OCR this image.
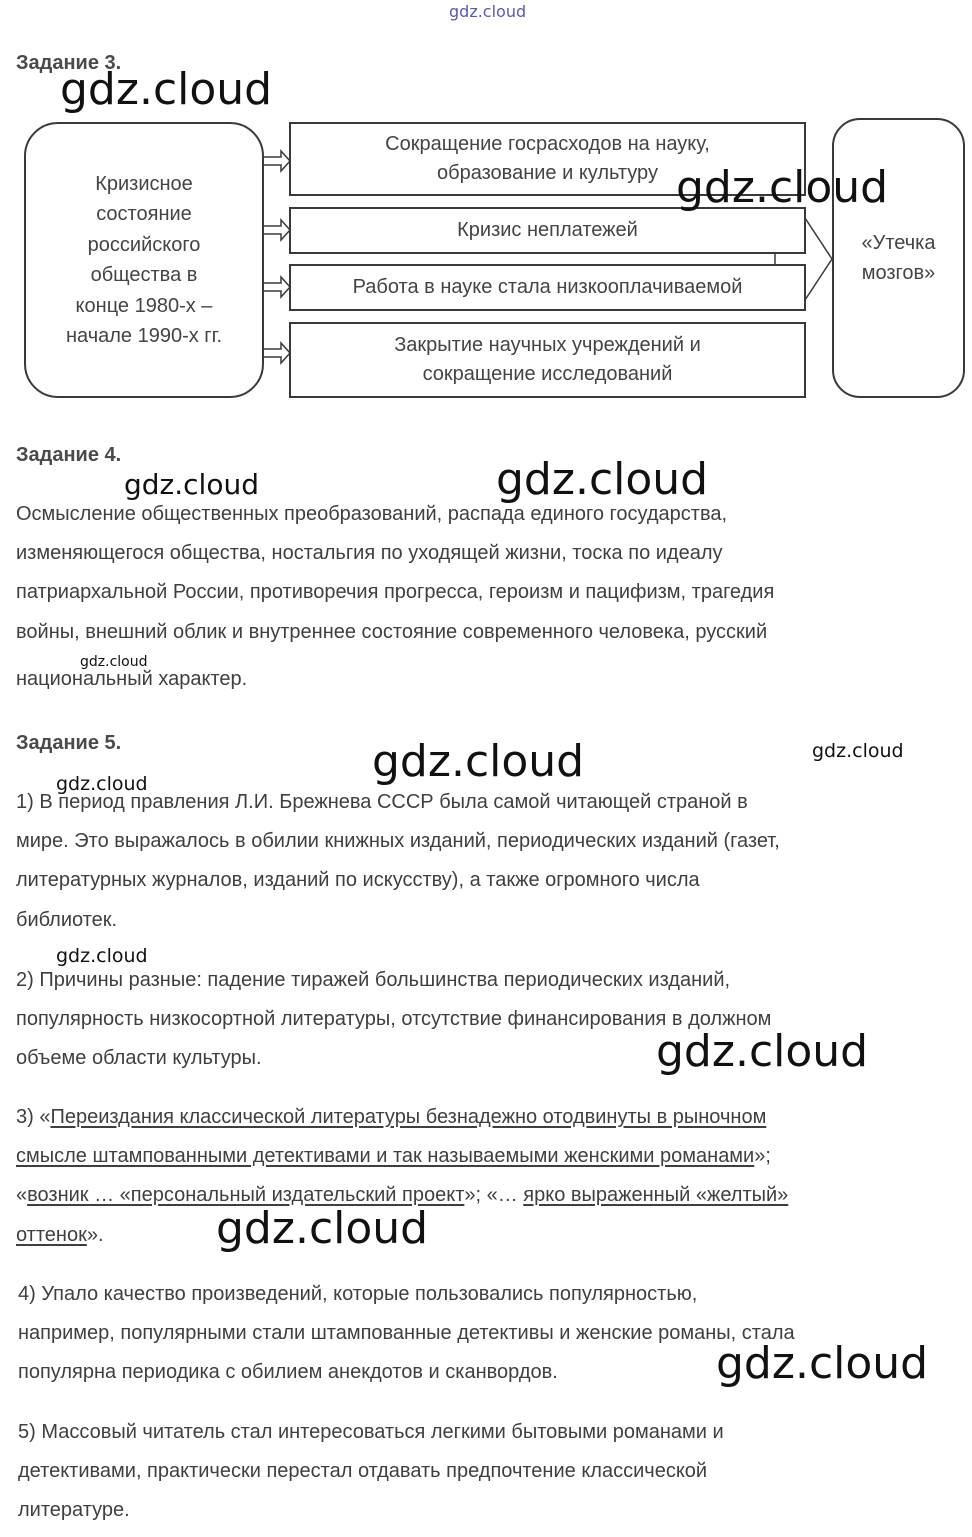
gdz.cloud
Задание 3.
Кризисное
состояние
российского
общества в
конце 1980-х –
начале 1990-х гг.
Сокращение госрасходов на науку,
образование и культуру
Кризис неплатежей
Работа в науке стала низкооплачиваемой
Закрытие научных учреждений и
сокращение исследований
«Утечка
мозгов»
Задание 4.
Осмысление общественных преобразований, распада единого государства,
изменяющегося общества, ностальгия по уходящей жизни, тоска по идеалу
патриархальной России, противоречия прогресса, героизм и пацифизм, трагедия
войны, внешний облик и внутреннее состояние современного человека, русский
национальный характер.
Задание 5.
1) В период правления Л.И. Брежнева СССР была самой читающей страной в
мире. Это выражалось в обилии книжных изданий, периодических изданий (газет,
литературных журналов, изданий по искусству), а также огромного числа
библиотек.
2) Причины разные: падение тиражей большинства периодических изданий,
популярность низкосортной литературы, отсутствие финансирования в должном
объеме области культуры.
3) «Переиздания классической литературы безнадежно отодвинуты в рыночном
смысле штампованными детективами и так называемыми женскими романами»;
«возник … «персональный издательский проект»; «… ярко выраженный «желтый»
оттенок».
4) Упало качество произведений, которые пользовались популярностью,
например, популярными стали штампованные детективы и женские романы, стала
популярна периодика с обилием анекдотов и сканвордов.
5) Массовый читатель стал интересоваться легкими бытовыми романами и
детективами, практически перестал отдавать предпочтение классической
литературе.
gdz.cloud
gdz.cloud
gdz.cloud	gdz.cloud
gdz.cloud
gdz.cloud	gdz.cloud
gdz.cloud
gdz.cloud
gdz.cloud
gdz.cloud
gdz.cloud
